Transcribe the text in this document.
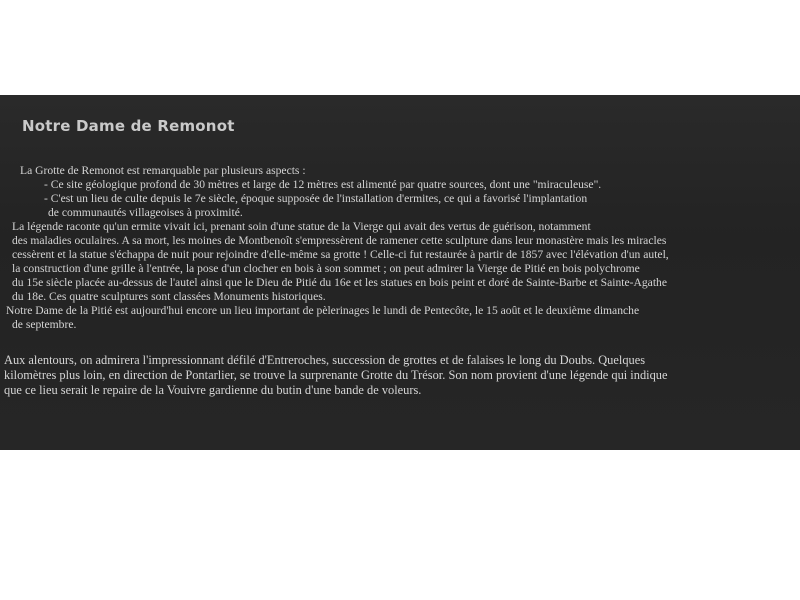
Notre Dame de Remonot
La Grotte de Remonot est remarquable par plusieurs aspects :
- Ce site géologique profond de 30 mètres et large de 12 mètres est alimenté par quatre sources, dont une "miraculeuse".
- C'est un lieu de culte depuis le 7e siècle, époque supposée de l'installation d'ermites, ce qui a favorisé l'implantation
de communautés villageoises à proximité.
La légende raconte qu'un ermite vivait ici, prenant soin d'une statue de la Vierge qui avait des vertus de guérison, notamment
des maladies oculaires. A sa mort, les moines de Montbenoît s'empressèrent de ramener cette sculpture dans leur monastère mais les miracles
cessèrent et la statue s'échappa de nuit pour rejoindre d'elle-même sa grotte ! Celle-ci fut restaurée à partir de 1857 avec l'élévation d'un autel,
la construction d'une grille à l'entrée, la pose d'un clocher en bois à son sommet ; on peut admirer la Vierge de Pitié en bois polychrome
du 15e siècle placée au-dessus de l'autel ainsi que le Dieu de Pitié du 16e et les statues en bois peint et doré de Sainte-Barbe et Sainte-Agathe
du 18e. Ces quatre sculptures sont classées Monuments historiques.
Notre Dame de la Pitié est aujourd'hui encore un lieu important de pèlerinages le lundi de Pentecôte, le 15 août et le deuxième dimanche
de septembre.
Aux alentours, on admirera l'impressionnant défilé d'Entreroches, succession de grottes et de falaises le long du Doubs. Quelques
kilomètres plus loin, en direction de Pontarlier, se trouve la surprenante Grotte du Trésor. Son nom provient d'une légende qui indique
que ce lieu serait le repaire de la Vouivre gardienne du butin d'une bande de voleurs.
